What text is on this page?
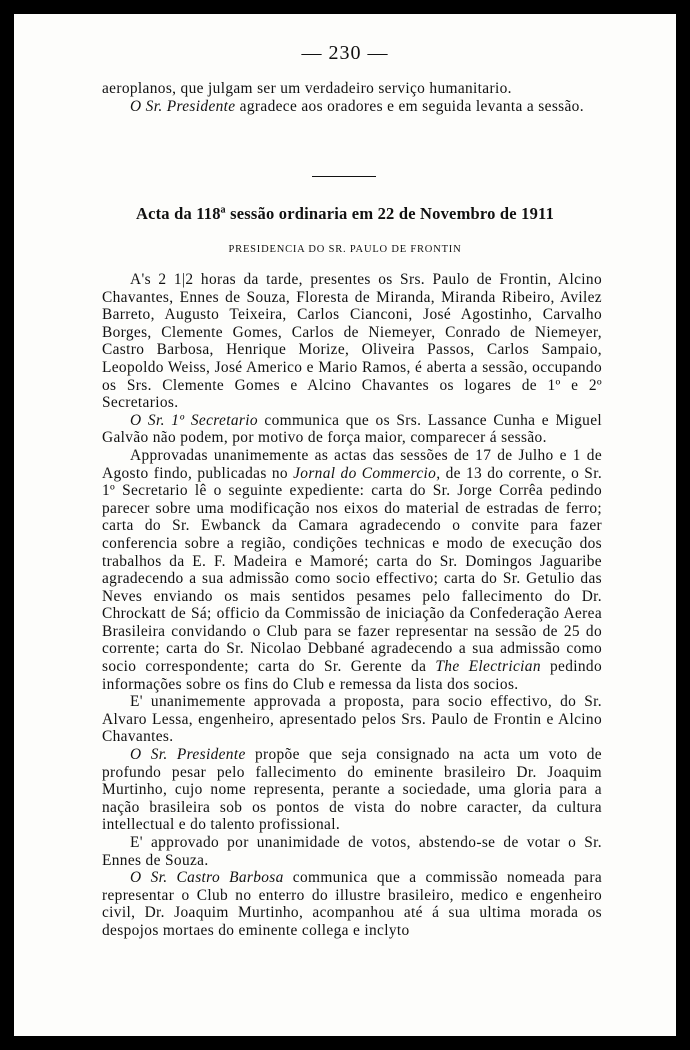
— 230 —

aeroplanos, que julgam ser um verdadeiro serviço humanitario.

O Sr. Presidente agradece aos oradores e em seguida levanta a sessão.

Acta da 118ª sessão ordinaria em 22 de Novembro de 1911
PRESIDENCIA DO SR. PAULO DE FRONTIN

A's 2 1|2 horas da tarde, presentes os Srs. Paulo de Frontin, Alcino Chavantes, Ennes de Souza, Floresta de Miranda, Miranda Ribeiro, Avilez Barreto, Augusto Teixeira, Carlos Cianconi, José Agostinho, Carvalho Borges, Clemente Gomes, Carlos de Niemeyer, Conrado de Niemeyer, Castro Barbosa, Henrique Morize, Oliveira Passos, Carlos Sampaio, Leopoldo Weiss, José Americo e Mario Ramos, é aberta a sessão, occupando os Srs. Clemente Gomes e Alcino Chavantes os logares de 1º e 2º Secretarios.

O Sr. 1º Secretario communica que os Srs. Lassance Cunha e Miguel Galvão não podem, por motivo de força maior, comparecer á sessão.

Approvadas unanimemente as actas das sessões de 17 de Julho e 1 de Agosto findo, publicadas no Jornal do Commercio, de 13 do corrente, o Sr. 1º Secretario lê o seguinte expediente: carta do Sr. Jorge Corrêa pedindo parecer sobre uma modificação nos eixos do material de estradas de ferro; carta do Sr. Ewbanck da Camara agradecendo o convite para fazer conferencia sobre a região, condições technicas e modo de execução dos trabalhos da E. F. Madeira e Mamoré; carta do Sr. Domingos Jaguaribe agradecendo a sua admissão como socio effectivo; carta do Sr. Getulio das Neves enviando os mais sentidos pesames pelo fallecimento do Dr. Chrockatt de Sá; officio da Commissão de iniciação da Confederação Aerea Brasileira convidando o Club para se fazer representar na sessão de 25 do corrente; carta do Sr. Nicolao Debbané agradecendo a sua admissão como socio correspondente; carta do Sr. Gerente da The Electrician pedindo informações sobre os fins do Club e remessa da lista dos socios.

E' unanimemente approvada a proposta, para socio effectivo, do Sr. Alvaro Lessa, engenheiro, apresentado pelos Srs. Paulo de Frontin e Alcino Chavantes.

O Sr. Presidente propõe que seja consignado na acta um voto de profundo pesar pelo fallecimento do eminente brasileiro Dr. Joaquim Murtinho, cujo nome representa, perante a sociedade, uma gloria para a nação brasileira sob os pontos de vista do nobre caracter, da cultura intellectual e do talento profissional.

E' approvado por unanimidade de votos, abstendo-se de votar o Sr. Ennes de Souza.

O Sr. Castro Barbosa communica que a commissão nomeada para representar o Club no enterro do illustre brasileiro, medico e engenheiro civil, Dr. Joaquim Murtinho, acompanhou até á sua ultima morada os despojos mortaes do eminente collega e inclyto
